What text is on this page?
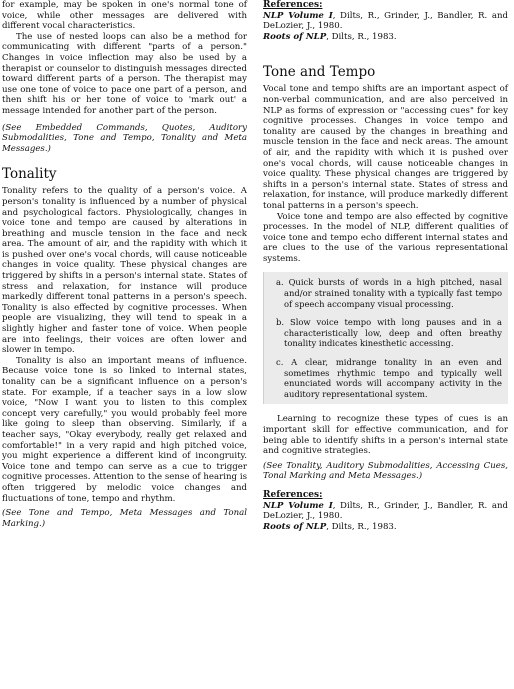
for example, may be spoken in one's normal tone of voice, while other messages are delivered with different vocal characteristics.

The use of nested loops can also be a method for communicating with different "parts of a person." Changes in voice inflection may also be used by a therapist or counselor to distinguish messages directed toward different parts of a person. The therapist may use one tone of voice to pace one part of a person, and then shift his or her tone of voice to 'mark out' a message intended for another part of the person.

(See Embedded Commands, Quotes, Auditory Submodalities, Tone and Tempo, Tonality and Meta Messages.)

Tonality

Tonality refers to the quality of a person's voice. A person's tonality is influenced by a number of physical and psychological factors. Physiologically, changes in voice tone and tempo are caused by alterations in breathing and muscle tension in the face and neck area. The amount of air, and the rapidity with which it is pushed over one's vocal chords, will cause noticeable changes in voice quality. These physical changes are triggered by shifts in a person's internal state. States of stress and relaxation, for instance will produce markedly different tonal patterns in a person's speech. Tonality is also effected by cognitive processes. When people are visualizing, they will tend to speak in a slightly higher and faster tone of voice. When people are into feelings, their voices are often lower and slower in tempo.

Tonality is also an important means of influence. Because voice tone is so linked to internal states, tonality can be a significant influence on a person's state. For example, if a teacher says in a low slow voice, "Now I want you to listen to this complex concept very carefully," you would probably feel more like going to sleep than observing. Similarly, if a teacher says, "Okay everybody, really get relaxed and comfortable!" in a very rapid and high pitched voice, you might experience a different kind of incongruity. Voice tone and tempo can serve as a cue to trigger cognitive processes. Attention to the sense of hearing is often triggered by melodic voice changes and fluctuations of tone, tempo and rhythm.

(See Tone and Tempo, Meta Messages and Tonal Marking.)

References:

NLP Volume I, Dilts, R., Grinder, J., Bandler, R. and DeLozier, J., 1980.

Roots of NLP, Dilts, R., 1983.

Tone and Tempo

Vocal tone and tempo shifts are an important aspect of non-verbal communication, and are also perceived in NLP as forms of expression or "accessing cues" for key cognitive processes. Changes in voice tempo and tonality are caused by the changes in breathing and muscle tension in the face and neck areas. The amount of air, and the rapidity with which it is pushed over one's vocal chords, will cause noticeable changes in voice quality. These physical changes are triggered by shifts in a person's internal state. States of stress and relaxation, for instance, will produce markedly different tonal patterns in a person's speech.

Voice tone and tempo are also effected by cognitive processes. In the model of NLP, different qualities of voice tone and tempo echo different internal states and are clues to the use of the various representational systems.

a. Quick bursts of words in a high pitched, nasal and/or strained tonality with a typically fast tempo of speech accompany visual processing.

b. Slow voice tempo with long pauses and in a characteristically low, deep and often breathy tonality indicates kinesthetic accessing.

c. A clear, midrange tonality in an even and sometimes rhythmic tempo and typically well enunciated words will accompany activity in the auditory representational system.

Learning to recognize these types of cues is an important skill for effective communication, and for being able to identify shifts in a person's internal state and cognitive strategies.

(See Tonality, Auditory Submodalities, Accessing Cues, Tonal Marking and Meta Messages.)

References:

NLP Volume I, Dilts, R., Grinder, J., Bandler, R. and DeLozier, J., 1980.

Roots of NLP, Dilts, R., 1983.
